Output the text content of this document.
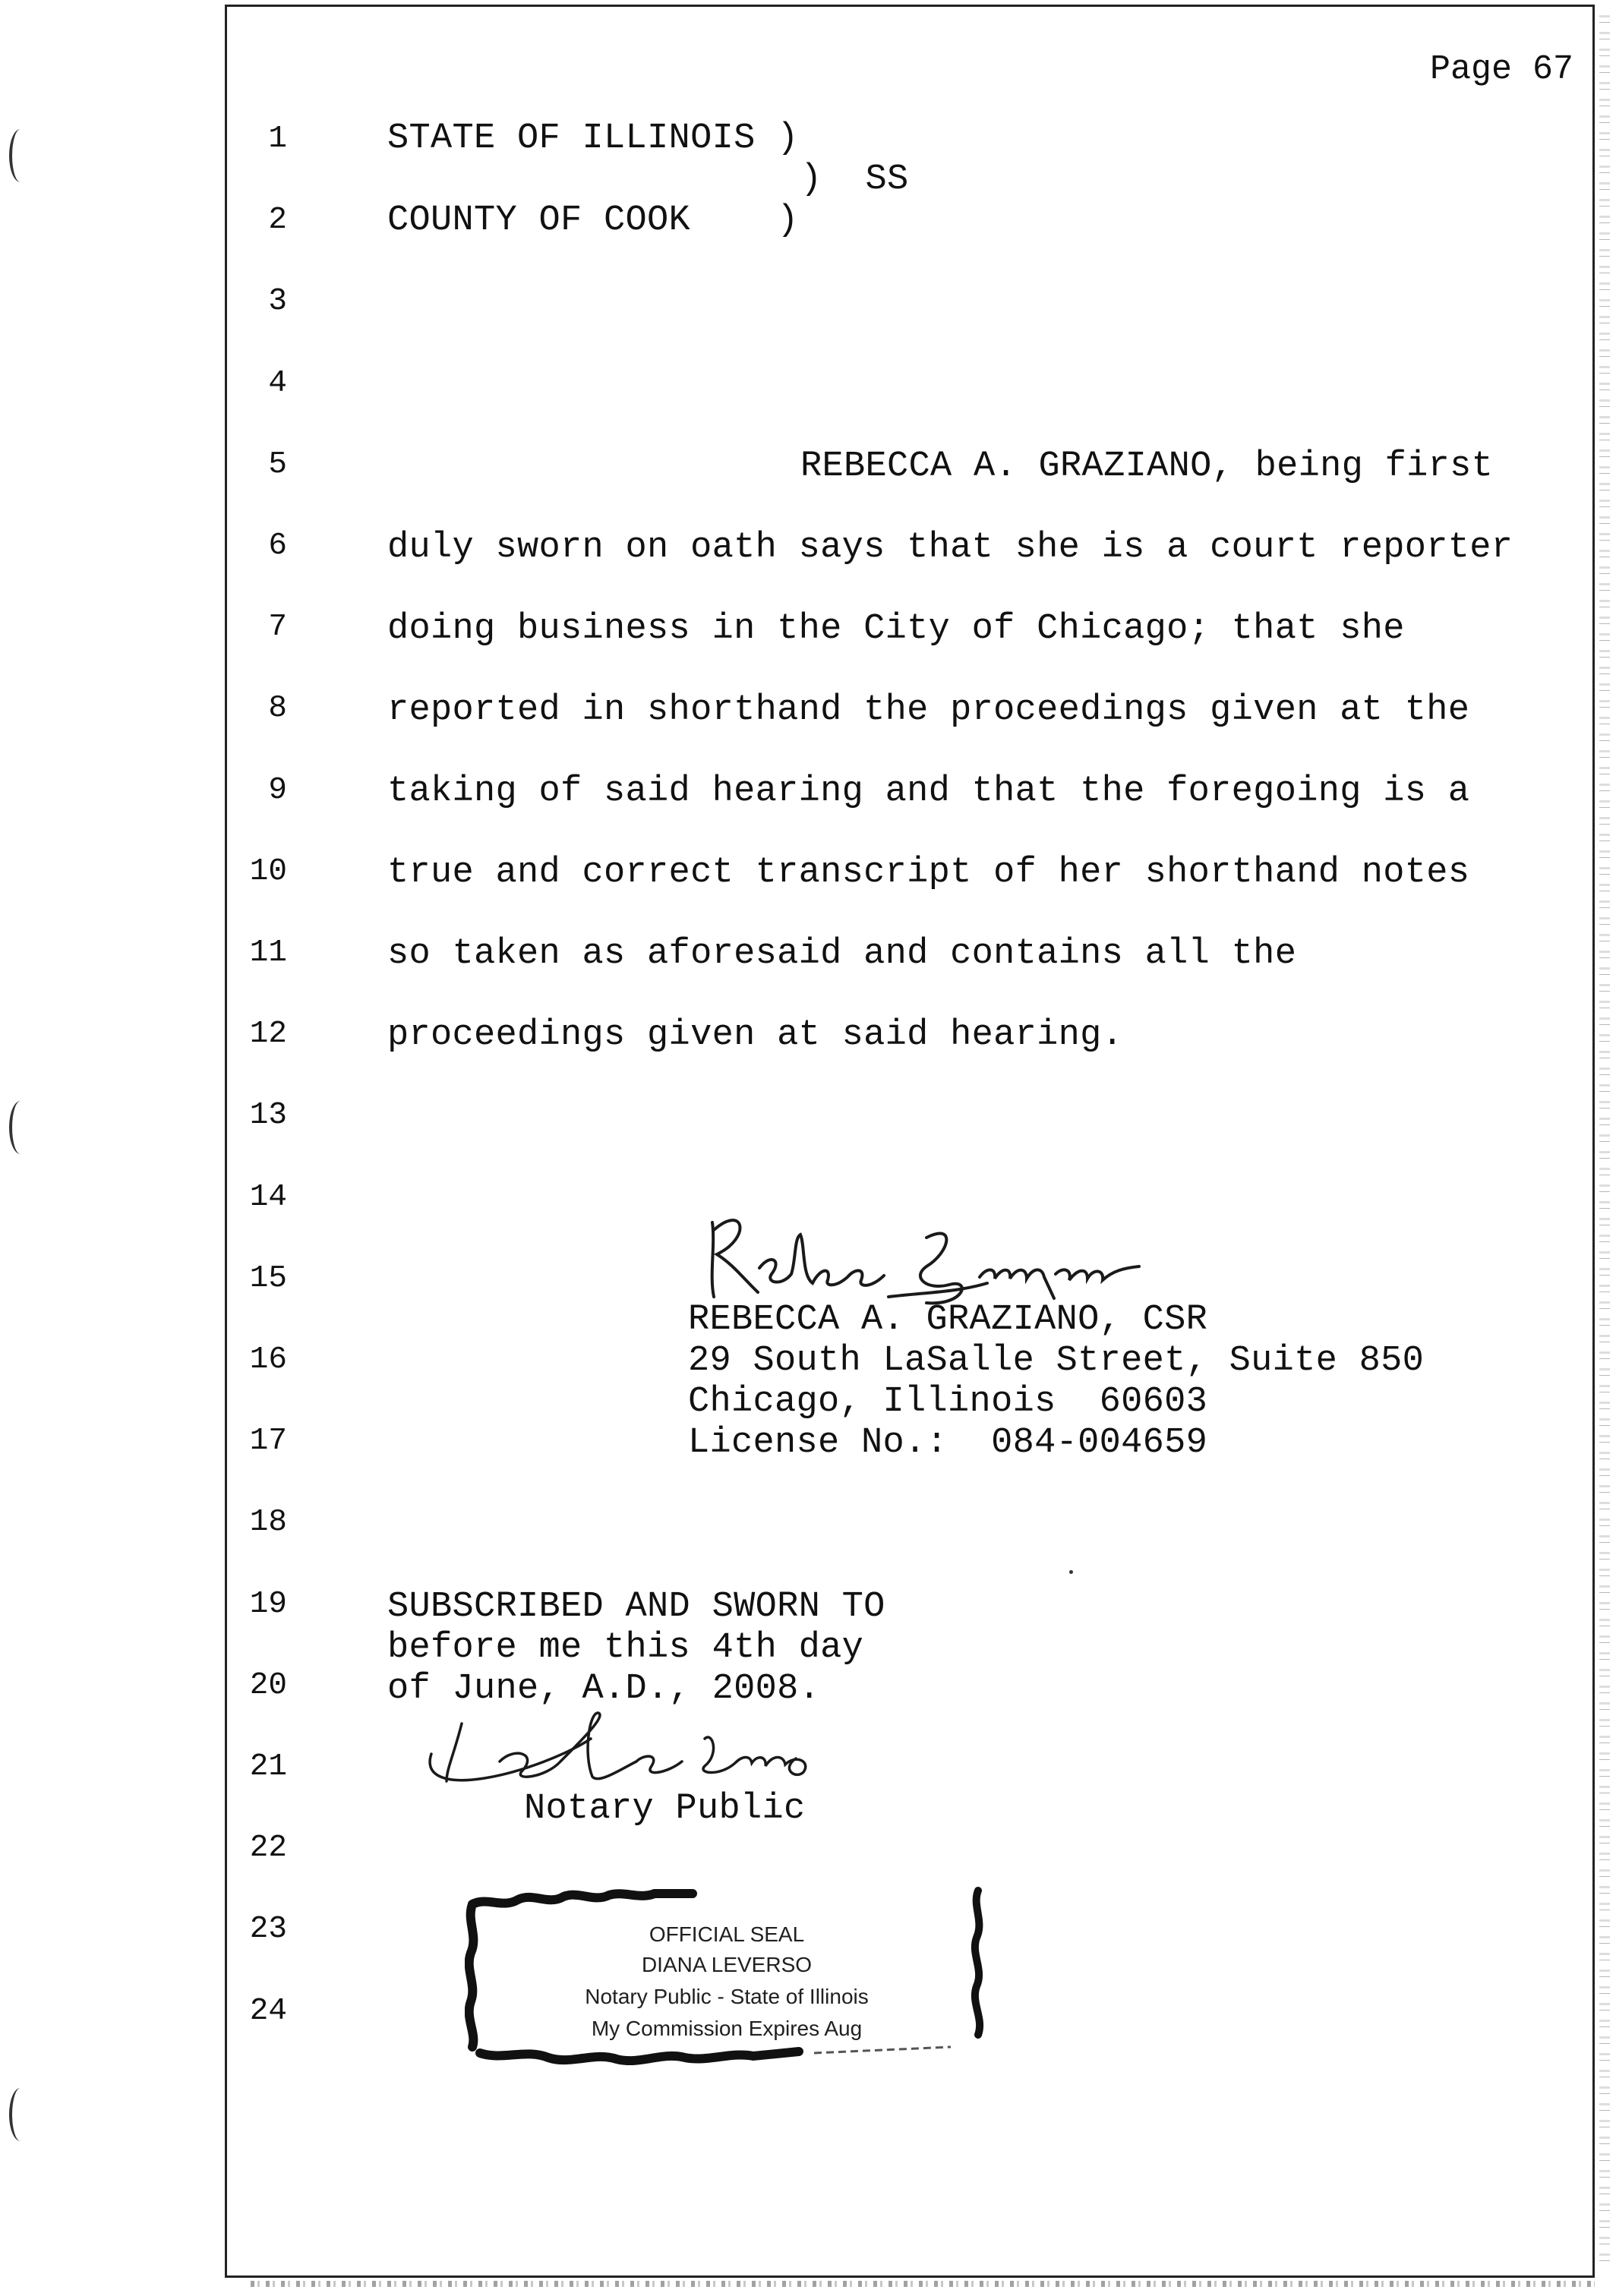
Page 67
1
2
3
4
5
6
7
8
9
10
11
12
13
14
15
16
17
18
19
20
21
22
23
24
STATE OF ILLINOIS )
)  SS
COUNTY OF COOK    )
REBECCA A. GRAZIANO, being first
duly sworn on oath says that she is a court reporter
doing business in the City of Chicago; that she
reported in shorthand the proceedings given at the
taking of said hearing and that the foregoing is a
true and correct transcript of her shorthand notes
so taken as aforesaid and contains all the
proceedings given at said hearing.
REBECCA A. GRAZIANO, CSR
29 South LaSalle Street, Suite 850
Chicago, Illinois  60603
License No.:  084-004659
SUBSCRIBED AND SWORN TO
before me this 4th day
of June, A.D., 2008.
Notary Public
OFFICIAL SEAL
DIANA LEVERSO
Notary Public - State of Illinois
My Commission Expires Aug
